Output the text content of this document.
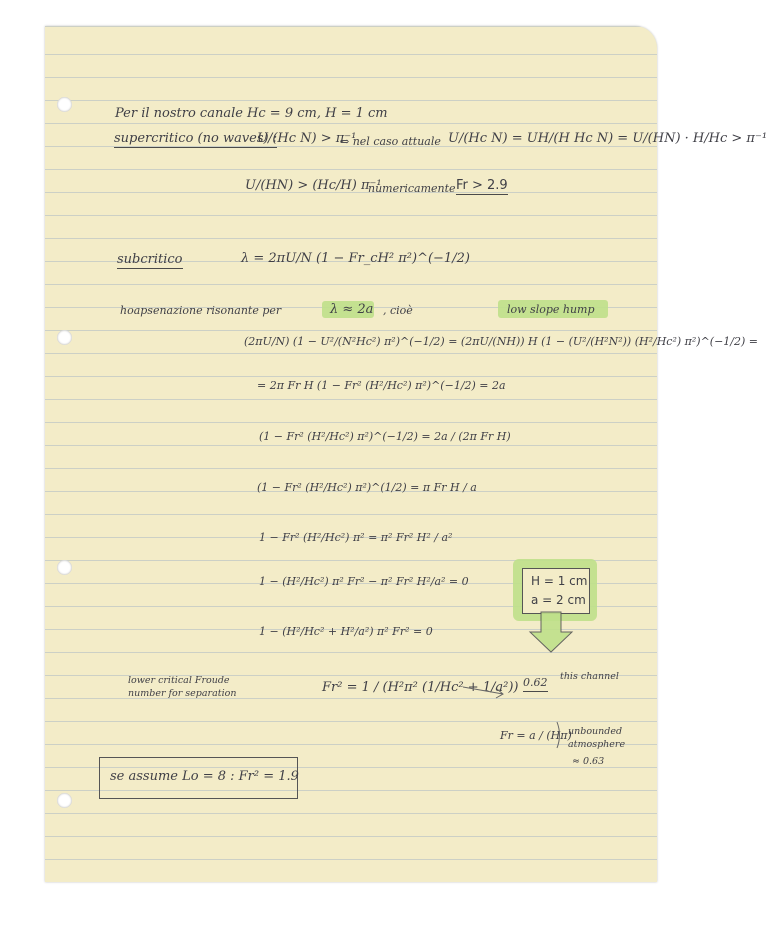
Per il nostro canale Hc = 9 cm, H = 1 cm
supercritico (no waves) :
U/(Hc N) > π⁻¹
⇒ nel caso attuale U/(Hc N) = UH/(H Hc N) = U/(HN) · H/Hc > π⁻¹
U/(HN) > (Hc/H) π⁻¹
numericamente Fr > 2.9
subcritico	λ = 2πU/N (1 − Fr_cH² π²)^(−1/2)
hoapsenazione risonante per	λ ≈ 2a , cioè	low slope hump
(2πU/N) (1 − U²/(N²Hc²) π²)^(−1/2) = (2πU/(NH)) H (1 − (U²/(H²N²)) (H²/Hc²) π²)^(−1/2) =
= 2π Fr H (1 − Fr² (H²/Hc²) π²)^(−1/2) = 2a
(1 − Fr² (H²/Hc²) π²)^(−1/2) = 2a / (2π Fr H)
(1 − Fr² (H²/Hc²) π²)^(1/2) = π Fr H / a
1 − Fr² (H²/Hc²) π² = π² Fr² H² / a²
1 − (H²/Hc²) π² Fr² − π² Fr² H²/a² = 0
1 − (H²/Hc² + H²/a²) π² Fr² = 0
H = 1 cm
a = 2 cm
lower critical Froude
number for separation	Fr² = 1 / (H²π² (1/Hc² + 1/a²)) 0.62 this channel
Fr = a / (Hπ)
unbounded
atmosphere
≈ 0.63
se assume Lo = 8 : Fr² = 1.9
